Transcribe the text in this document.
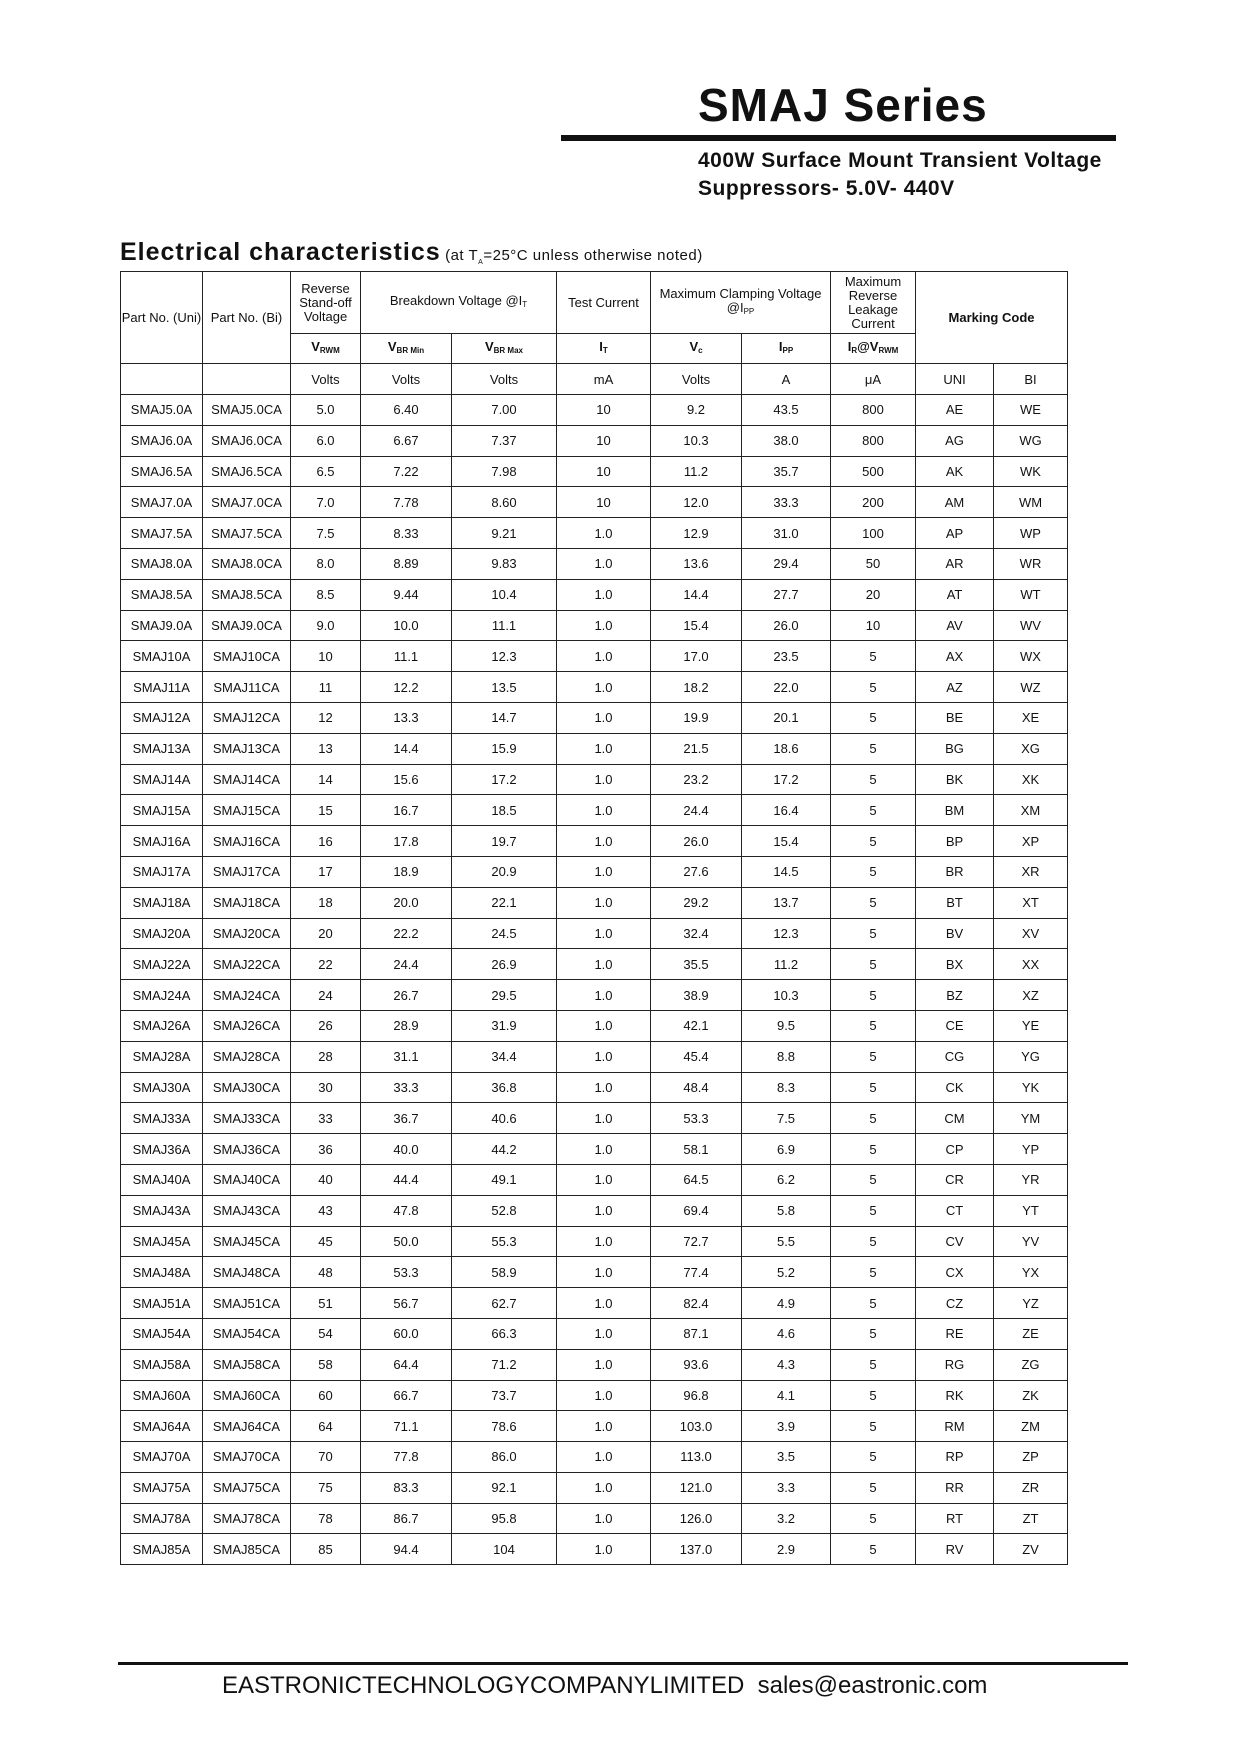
SMAJ Series
400W Surface Mount Transient Voltage
Suppressors- 5.0V- 440V
Electrical characteristics (at $T_A=25^\circ C$ unless otherwise noted)
Part No. (Uni)	Part No. (Bi)	Reverse Stand-off Voltage	Breakdown Voltage $@I_T$		Test Current	Maximum Clamping Voltage $@I_{PP}$		Maximum Reverse Leakage Current	Marking Code	
		$V_{RWM}$	$V_{BR Min}$	$V_{BR Max}$	$I_T$	$V_c$	$I_{PP}$	$I_R@V_{RWM}$
		Volts	Volts	Volts	mA	Volts	A	μA	UNI	BI
SMAJ5.0A	SMAJ5.0CA	5.0	6.40	7.00	10	9.2	43.5	800	AE	WE
SMAJ6.0A	SMAJ6.0CA	6.0	6.67	7.37	10	10.3	38.0	800	AG	WG
SMAJ6.5A	SMAJ6.5CA	6.5	7.22	7.98	10	11.2	35.7	500	AK	WK
SMAJ7.0A	SMAJ7.0CA	7.0	7.78	8.60	10	12.0	33.3	200	AM	WM
SMAJ7.5A	SMAJ7.5CA	7.5	8.33	9.21	1.0	12.9	31.0	100	AP	WP
SMAJ8.0A	SMAJ8.0CA	8.0	8.89	9.83	1.0	13.6	29.4	50	AR	WR
SMAJ8.5A	SMAJ8.5CA	8.5	9.44	10.4	1.0	14.4	27.7	20	AT	WT
SMAJ9.0A	SMAJ9.0CA	9.0	10.0	11.1	1.0	15.4	26.0	10	AV	WV
SMAJ10A	SMAJ10CA	10	11.1	12.3	1.0	17.0	23.5	5	AX	WX
SMAJ11A	SMAJ11CA	11	12.2	13.5	1.0	18.2	22.0	5	AZ	WZ
SMAJ12A	SMAJ12CA	12	13.3	14.7	1.0	19.9	20.1	5	BE	XE
SMAJ13A	SMAJ13CA	13	14.4	15.9	1.0	21.5	18.6	5	BG	XG
SMAJ14A	SMAJ14CA	14	15.6	17.2	1.0	23.2	17.2	5	BK	XK
SMAJ15A	SMAJ15CA	15	16.7	18.5	1.0	24.4	16.4	5	BM	XM
SMAJ16A	SMAJ16CA	16	17.8	19.7	1.0	26.0	15.4	5	BP	XP
SMAJ17A	SMAJ17CA	17	18.9	20.9	1.0	27.6	14.5	5	BR	XR
SMAJ18A	SMAJ18CA	18	20.0	22.1	1.0	29.2	13.7	5	BT	XT
SMAJ20A	SMAJ20CA	20	22.2	24.5	1.0	32.4	12.3	5	BV	XV
SMAJ22A	SMAJ22CA	22	24.4	26.9	1.0	35.5	11.2	5	BX	XX
SMAJ24A	SMAJ24CA	24	26.7	29.5	1.0	38.9	10.3	5	BZ	XZ
SMAJ26A	SMAJ26CA	26	28.9	31.9	1.0	42.1	9.5	5	CE	YE
SMAJ28A	SMAJ28CA	28	31.1	34.4	1.0	45.4	8.8	5	CG	YG
SMAJ30A	SMAJ30CA	30	33.3	36.8	1.0	48.4	8.3	5	CK	YK
SMAJ33A	SMAJ33CA	33	36.7	40.6	1.0	53.3	7.5	5	CM	YM
SMAJ36A	SMAJ36CA	36	40.0	44.2	1.0	58.1	6.9	5	CP	YP
SMAJ40A	SMAJ40CA	40	44.4	49.1	1.0	64.5	6.2	5	CR	YR
SMAJ43A	SMAJ43CA	43	47.8	52.8	1.0	69.4	5.8	5	CT	YT
SMAJ45A	SMAJ45CA	45	50.0	55.3	1.0	72.7	5.5	5	CV	YV
SMAJ48A	SMAJ48CA	48	53.3	58.9	1.0	77.4	5.2	5	CX	YX
SMAJ51A	SMAJ51CA	51	56.7	62.7	1.0	82.4	4.9	5	CZ	YZ
SMAJ54A	SMAJ54CA	54	60.0	66.3	1.0	87.1	4.6	5	RE	ZE
SMAJ58A	SMAJ58CA	58	64.4	71.2	1.0	93.6	4.3	5	RG	ZG
SMAJ60A	SMAJ60CA	60	66.7	73.7	1.0	96.8	4.1	5	RK	ZK
SMAJ64A	SMAJ64CA	64	71.1	78.6	1.0	103.0	3.9	5	RM	ZM
SMAJ70A	SMAJ70CA	70	77.8	86.0	1.0	113.0	3.5	5	RP	ZP
SMAJ75A	SMAJ75CA	75	83.3	92.1	1.0	121.0	3.3	5	RR	ZR
SMAJ78A	SMAJ78CA	78	86.7	95.8	1.0	126.0	3.2	5	RT	ZT
SMAJ85A	SMAJ85CA	85	94.4	104	1.0	137.0	2.9	5	RV	ZV
EASTRONICTECHNOLOGYCOMPANYLIMITED sales@eastronic.com
